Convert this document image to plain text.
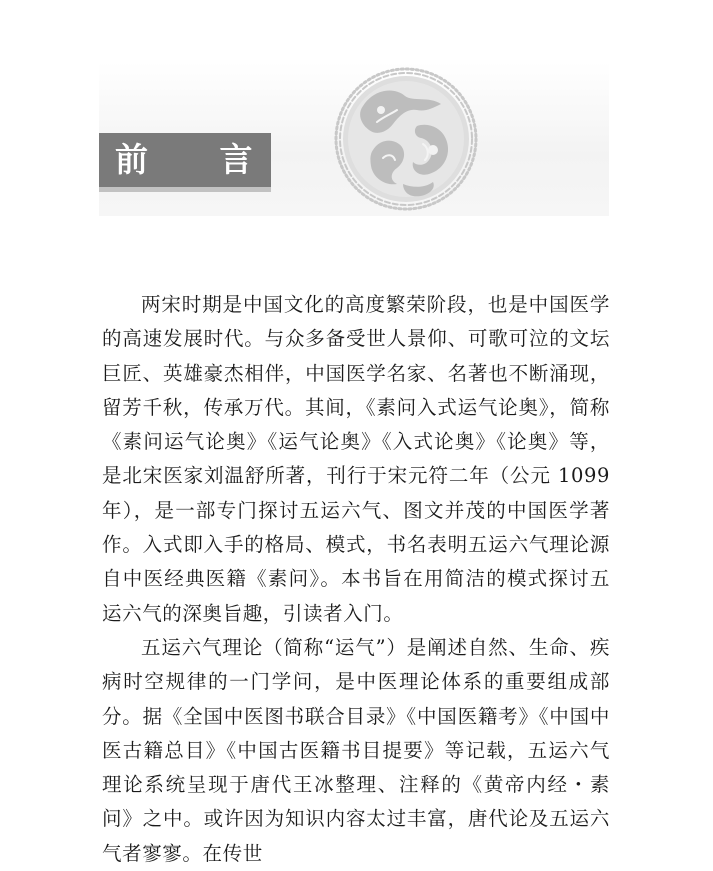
前 言

两宋时期是中国文化的高度繁荣阶段，也是中国医学的高速发展时代。与众多备受世人景仰、可歌可泣的文坛巨匠、英雄豪杰相伴，中国医学名家、名著也不断涌现，留芳千秋，传承万代。其间，《素问入式运气论奥》，简称《素问运气论奥》《运气论奥》《入式论奥》《论奥》等，是北宋医家刘温舒所著，刊行于宋元符二年（公元 1099 年），是一部专门探讨五运六气、图文并茂的中国医学著作。入式即入手的格局、模式，书名表明五运六气理论源自中医经典医籍《素问》。本书旨在用简洁的模式探讨五运六气的深奥旨趣，引读者入门。

五运六气理论（简称“运气”）是阐述自然、生命、疾病时空规律的一门学问，是中医理论体系的重要组成部分。据《全国中医图书联合目录》《中国医籍考》《中国中医古籍总目》《中国古医籍书目提要》等记载，五运六气理论系统呈现于唐代王冰整理、注释的《黄帝内经・素问》之中。或许因为知识内容太过丰富，唐代论及五运六气者寥寥。在传世
